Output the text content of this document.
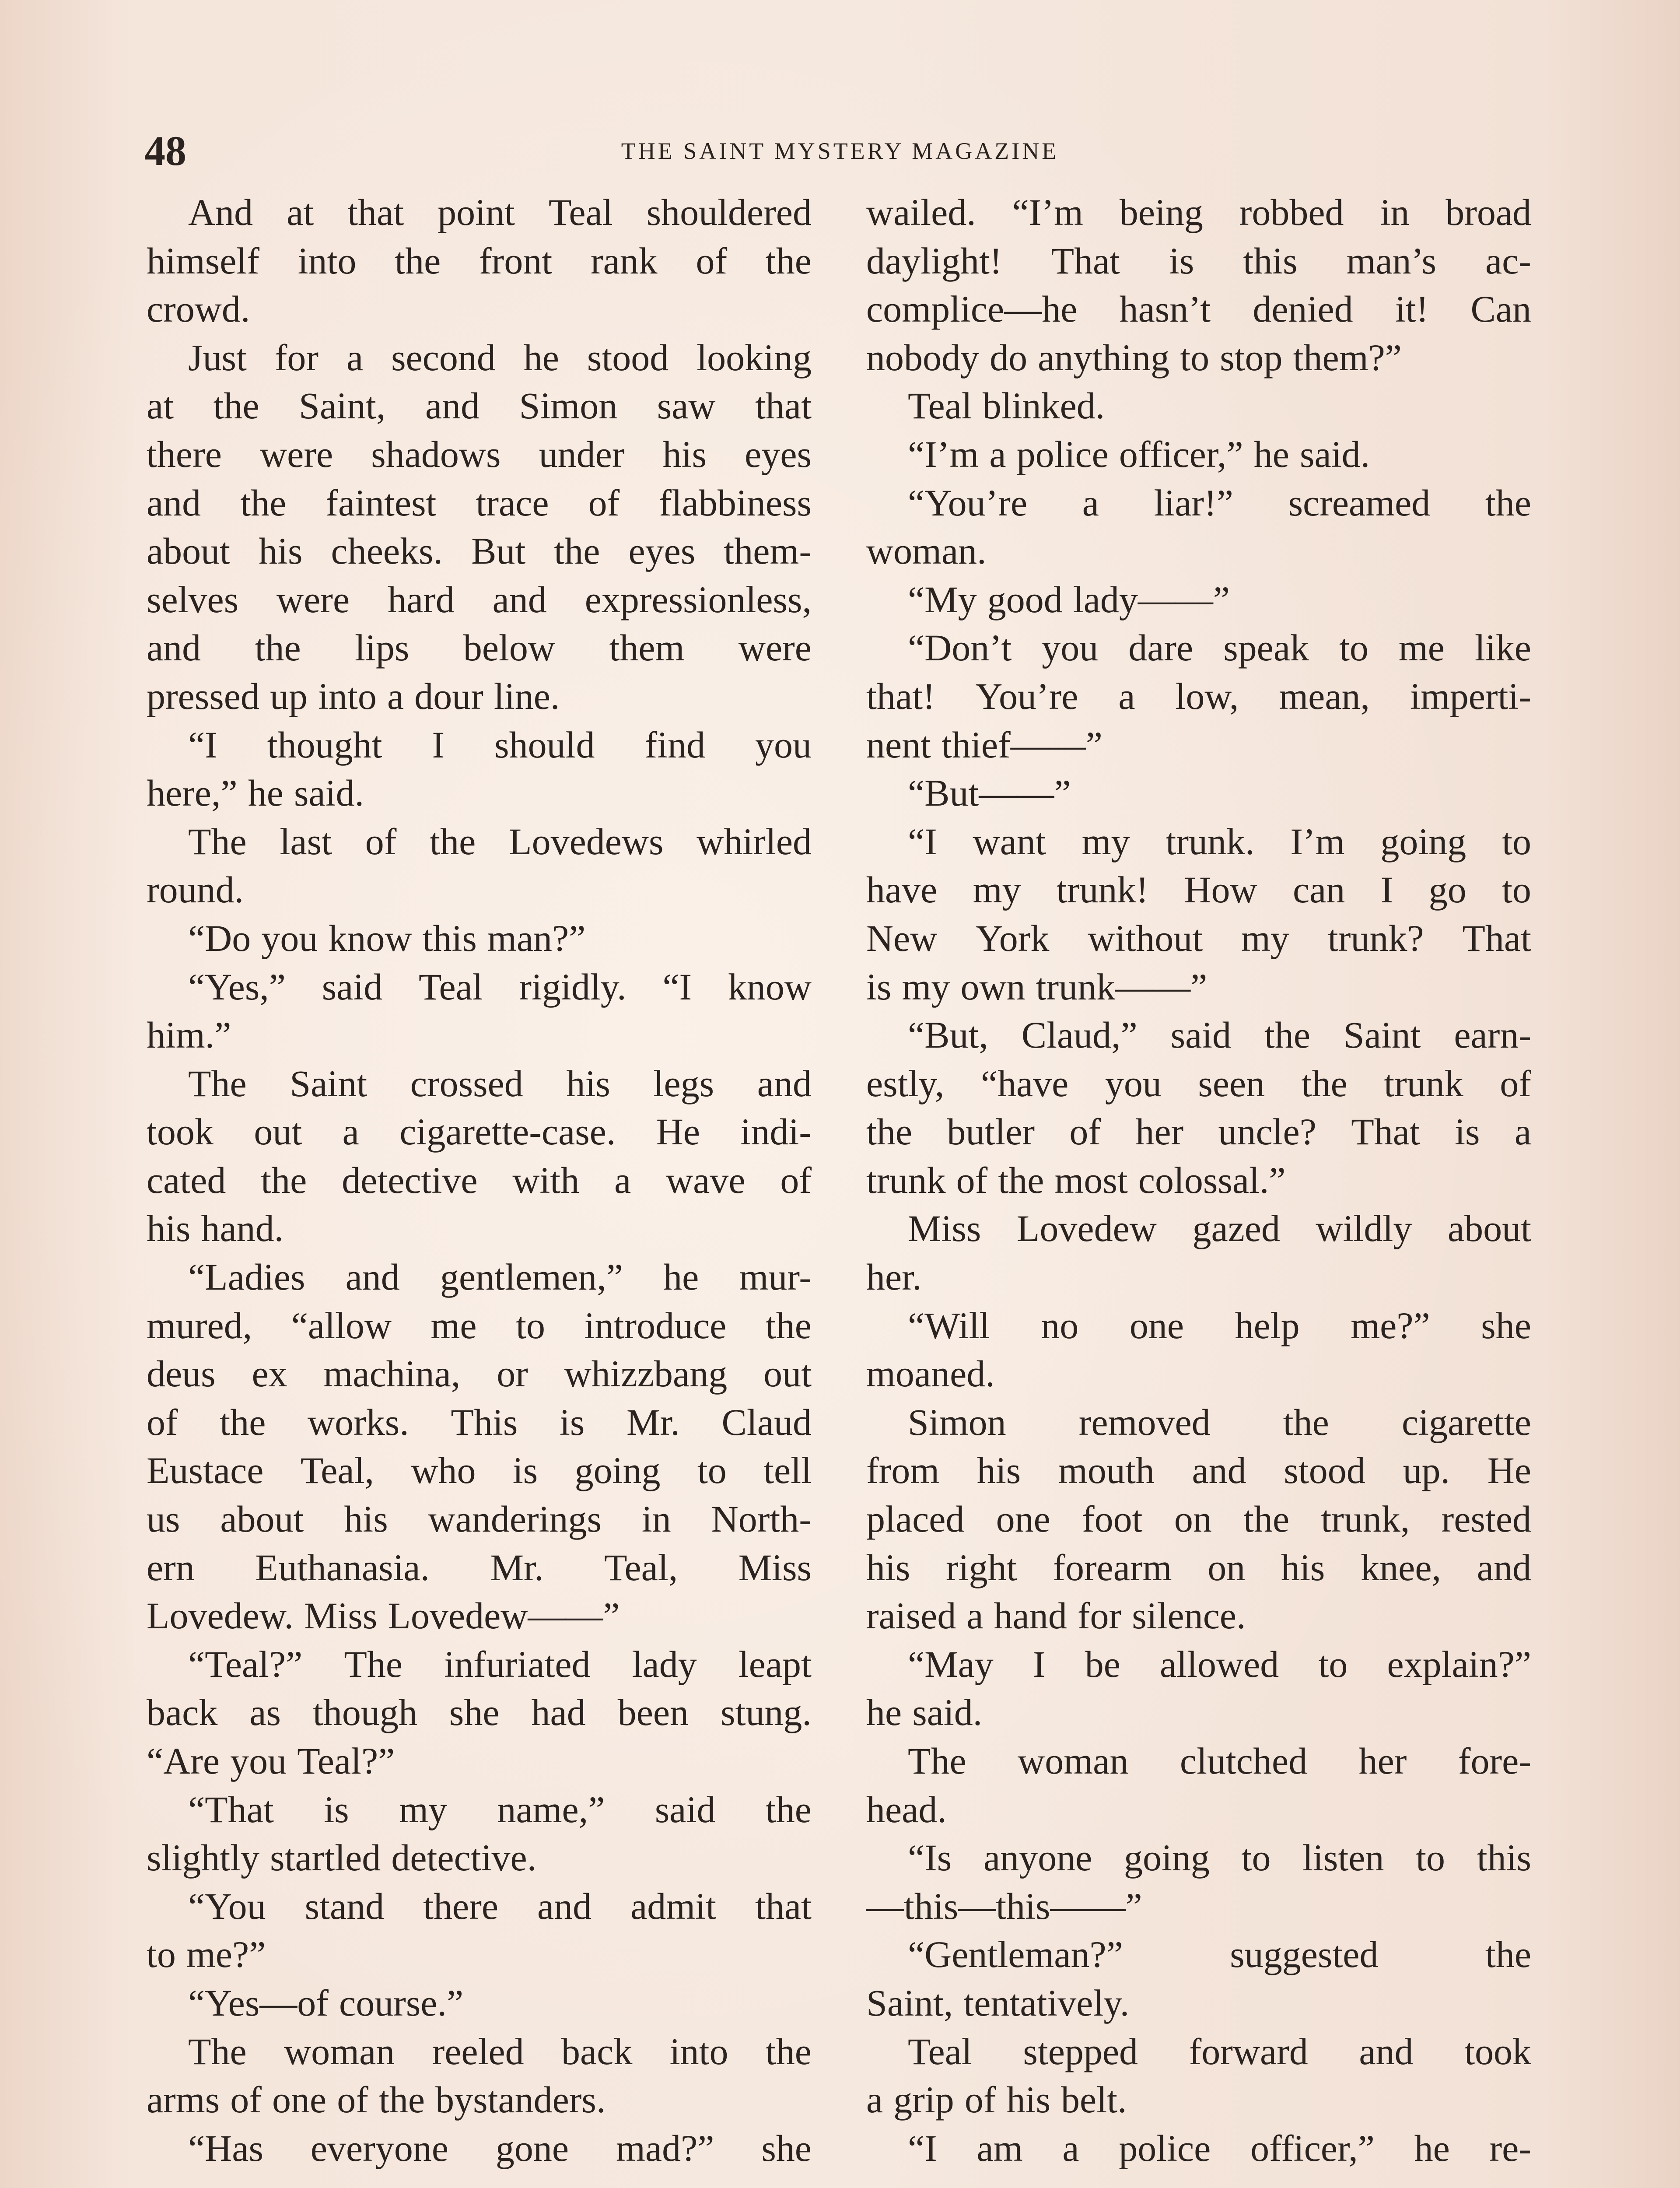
48	THE SAINT MYSTERY MAGAZINE
And at that point Teal shouldered
himself into the front rank of the
crowd.
Just for a second he stood looking
at the Saint, and Simon saw that
there were shadows under his eyes
and the faintest trace of flabbiness
about his cheeks. But the eyes them-
selves were hard and expressionless,
and the lips below them were
pressed up into a dour line.
“I thought I should find you
here,” he said.
The last of the Lovedews whirled
round.
“Do you know this man?”
“Yes,” said Teal rigidly. “I know
him.”
The Saint crossed his legs and
took out a cigarette-case. He indi-
cated the detective with a wave of
his hand.
“Ladies and gentlemen,” he mur-
mured, “allow me to introduce the
deus ex machina, or whizzbang out
of the works. This is Mr. Claud
Eustace Teal, who is going to tell
us about his wanderings in North-
ern Euthanasia. Mr. Teal, Miss
Lovedew. Miss Lovedew——”
“Teal?” The infuriated lady leapt
back as though she had been stung.
“Are you Teal?”
“That is my name,” said the
slightly startled detective.
“You stand there and admit that
to me?”
“Yes—of course.”
The woman reeled back into the
arms of one of the bystanders.
“Has everyone gone mad?” she
wailed. “I’m being robbed in broad
daylight! That is this man’s ac-
complice—he hasn’t denied it! Can
nobody do anything to stop them?”
Teal blinked.
“I’m a police officer,” he said.
“You’re a liar!” screamed the
woman.
“My good lady——”
“Don’t you dare speak to me like
that! You’re a low, mean, imperti-
nent thief——”
“But——”
“I want my trunk. I’m going to
have my trunk! How can I go to
New York without my trunk? That
is my own trunk——”
“But, Claud,” said the Saint earn-
estly, “have you seen the trunk of
the butler of her uncle? That is a
trunk of the most colossal.”
Miss Lovedew gazed wildly about
her.
“Will no one help me?” she
moaned.
Simon removed the cigarette
from his mouth and stood up. He
placed one foot on the trunk, rested
his right forearm on his knee, and
raised a hand for silence.
“May I be allowed to explain?”
he said.
The woman clutched her fore-
head.
“Is anyone going to listen to this
—this—this——”
“Gentleman?”	suggested	the
Saint, tentatively.
Teal stepped forward and took
a grip of his belt.
“I am a police officer,” he re-
